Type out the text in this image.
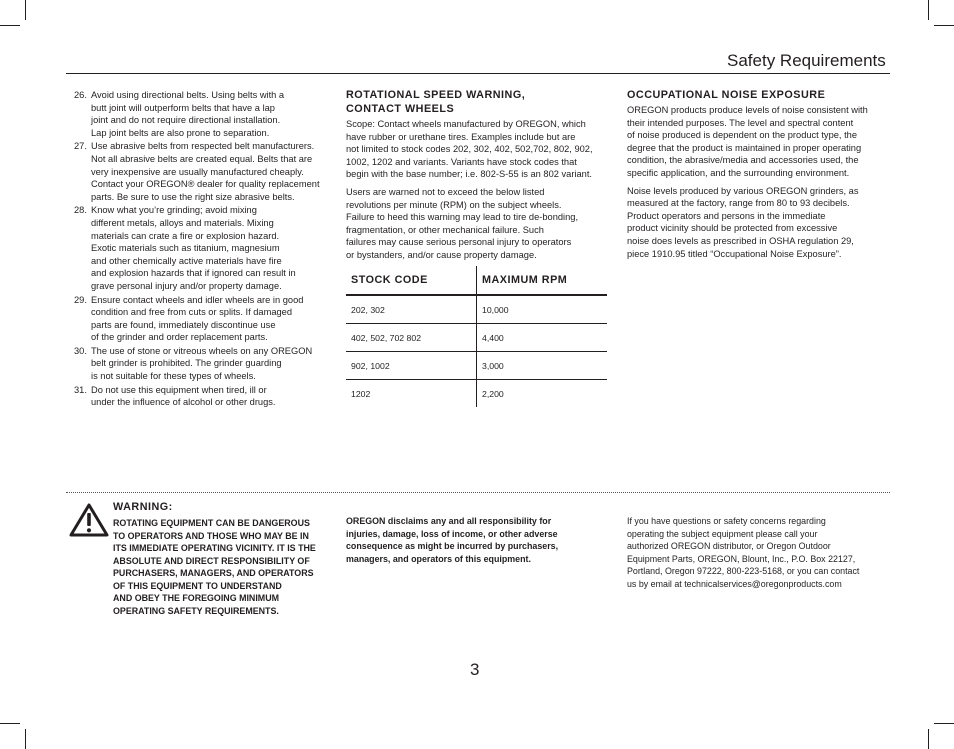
Safety Requirements
26. Avoid using directional belts. Using belts with a
butt joint will outperform belts that have a lap
joint and do not require directional installation.
Lap joint belts are also prone to separation.
27. Use abrasive belts from respected belt manufacturers.
Not all abrasive belts are created equal. Belts that are
very inexpensive are usually manufactured cheaply.
Contact your OREGON® dealer for quality replacement
parts. Be sure to use the right size abrasive belts.
28. Know what you’re grinding; avoid mixing
different metals, alloys and materials. Mixing
materials can crate a fire or explosion hazard.
Exotic materials such as titanium, magnesium
and other chemically active materials have fire
and explosion hazards that if ignored can result in
grave personal injury and/or property damage.
29. Ensure contact wheels and idler wheels are in good
condition and free from cuts or splits. If damaged
parts are found, immediately discontinue use
of the grinder and order replacement parts.
30. The use of stone or vitreous wheels on any OREGON
belt grinder is prohibited. The grinder guarding
is not suitable for these types of wheels.
31. Do not use this equipment when tired, ill or
under the influence of alcohol or other drugs.
ROTATIONAL SPEED WARNING,
CONTACT WHEELS

Scope: Contact wheels manufactured by OREGON, which
have rubber or urethane tires. Examples include but are
not limited to stock codes 202, 302, 402, 502,702, 802, 902,
1002, 1202 and variants. Variants have stock codes that
begin with the base number; i.e. 802-S-55 is an 802 variant.

Users are warned not to exceed the below listed
revolutions per minute (RPM) on the subject wheels.
Failure to heed this warning may lead to tire de-bonding,
fragmentation, or other mechanical failure. Such
failures may cause serious personal injury to operators
or bystanders, and/or cause property damage.

STOCK CODE	MAXIMUM RPM
202, 302	10,000
402, 502, 702 802	4,400
902, 1002	3,000
1202	2,200
OCCUPATIONAL NOISE EXPOSURE

OREGON products produce levels of noise consistent with
their intended purposes. The level and spectral content
of noise produced is dependent on the product type, the
degree that the product is maintained in proper operating
condition, the abrasive/media and accessories used, the
specific application, and the surrounding environment.

Noise levels produced by various OREGON grinders, as
measured at the factory, range from 80 to 93 decibels.
Product operators and persons in the immediate
product vicinity should be protected from excessive
noise does levels as prescribed in OSHA regulation 29,
piece 1910.95 titled “Occupational Noise Exposure”.

WARNING:

ROTATING EQUIPMENT CAN BE DANGEROUS
TO OPERATORS AND THOSE WHO MAY BE IN
ITS IMMEDIATE OPERATING VICINITY. IT IS THE
ABSOLUTE AND DIRECT RESPONSIBILITY OF
PURCHASERS, MANAGERS, AND OPERATORS
OF THIS EQUIPMENT TO UNDERSTAND
AND OBEY THE FOREGOING MINIMUM
OPERATING SAFETY REQUIREMENTS.

OREGON disclaims any and all responsibility for
injuries, damage, loss of income, or other adverse
consequence as might be incurred by purchasers,
managers, and operators of this equipment.

If you have questions or safety concerns regarding
operating the subject equipment please call your
authorized OREGON distributor, or Oregon Outdoor
Equipment Parts, OREGON, Blount, Inc., P.O. Box 22127,
Portland, Oregon 97222, 800-223-5168, or you can contact
us by email at technicalservices@oregonproducts.com

3
